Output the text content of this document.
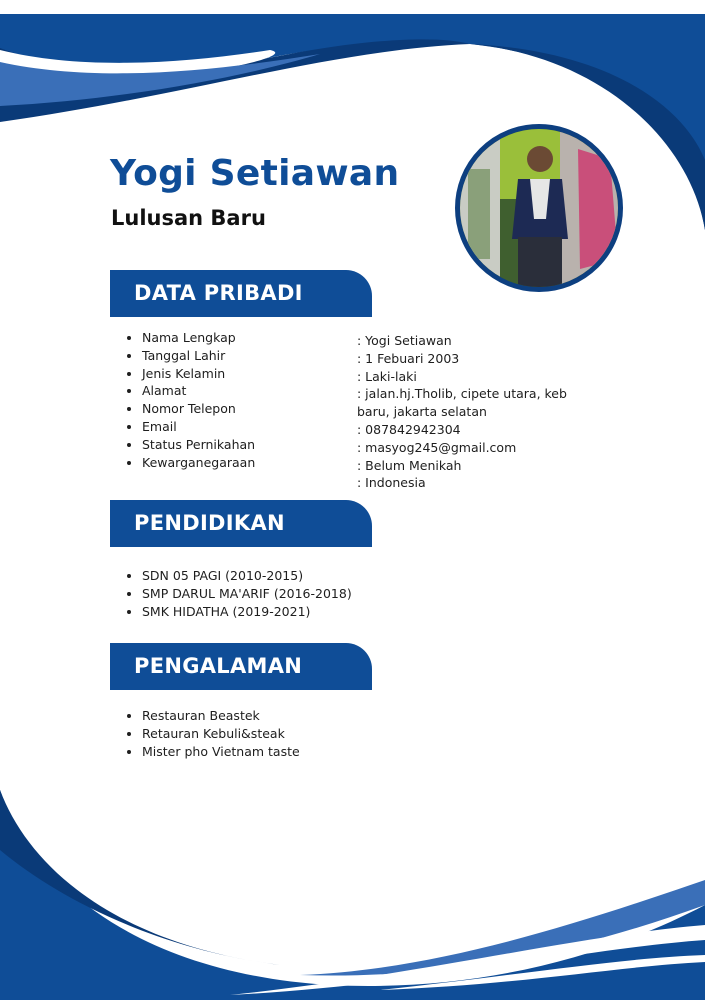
Yogi Setiawan
Lulusan Baru
DATA PRIBADI
• Nama Lengkap
• Tanggal Lahir
• Jenis Kelamin
• Alamat
• Nomor Telepon
• Email
• Status Pernikahan
• Kewarganegaraan
: Yogi Setiawan
: 1 Febuari 2003
: Laki-laki
: jalan.hj.Tholib, cipete utara, keb baru, jakarta selatan
: 087842942304
: masyog245@gmail.com
: Belum Menikah
: Indonesia
PENDIDIKAN
• SDN 05 PAGI (2010-2015)
• SMP DARUL MA'ARIF (2016-2018)
• SMK HIDATHA (2019-2021)
PENGALAMAN
• Restauran Beastek
• Retauran Kebuli&steak
• Mister pho Vietnam taste
